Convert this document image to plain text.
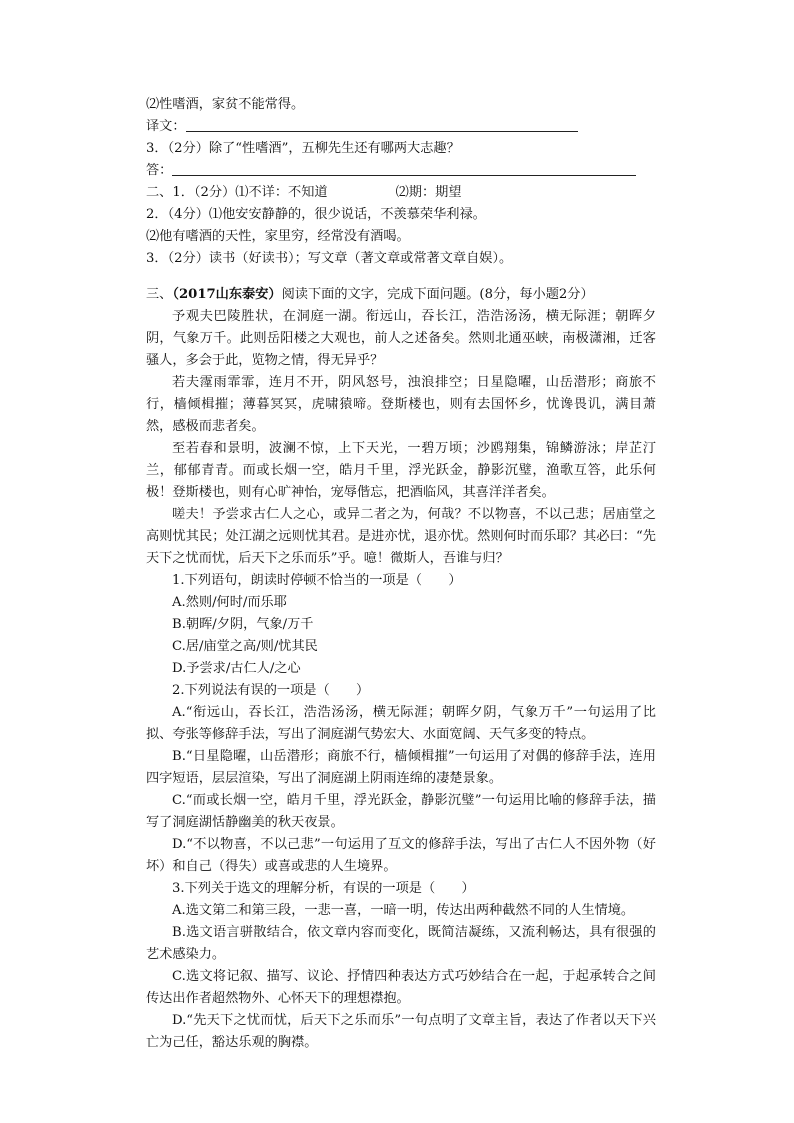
⑵性嗜酒，家贫不能常得。
译文：
3．（2分）除了“性嗜酒”，五柳先生还有哪两大志趣？
答：
二、1．（2分）⑴不详：不知道	⑵期：期望
2．（4分）⑴他安安静静的，很少说话，不羡慕荣华利禄。
⑵他有嗜酒的天性，家里穷，经常没有酒喝。
3．（2分）读书（好读书）；写文章（著文章或常著文章自娱）。
三、（2017山东泰安）阅读下面的文字，完成下面问题。(8分，每小题2分）
予观夫巴陵胜状，在洞庭一湖。衔远山，吞长江，浩浩汤汤，横无际涯；朝晖夕阴，气象万千。此则岳阳楼之大观也，前人之述备矣。然则北通巫峡，南极潇湘，迁客骚人，多会于此，览物之情，得无异乎？
若夫霪雨霏霏，连月不开，阴风怒号，浊浪排空；日星隐曜，山岳潜形；商旅不行，樯倾楫摧；薄暮冥冥，虎啸猿啼。登斯楼也，则有去国怀乡，忧谗畏讥，满目萧然，感极而悲者矣。
至若春和景明，波澜不惊，上下天光，一碧万顷；沙鸥翔集，锦鳞游泳；岸芷汀兰，郁郁青青。而或长烟一空，皓月千里，浮光跃金，静影沉璧，渔歌互答，此乐何极！登斯楼也，则有心旷神怡，宠辱偕忘，把酒临风，其喜洋洋者矣。
嗟夫！予尝求古仁人之心，或异二者之为，何哉？不以物喜，不以己悲；居庙堂之高则忧其民；处江湖之远则忧其君。是进亦忧，退亦忧。然则何时而乐耶？其必曰：“先天下之忧而忧，后天下之乐而乐”乎。噫！微斯人，吾谁与归？
1.下列语句，朗读时停顿不恰当的一项是（　　）
A.然则/何时/而乐耶
B.朝晖/夕阴，气象/万千
C.居/庙堂之高/则/忧其民
D.予尝求/古仁人/之心
2.下列说法有误的一项是（　　）
A.“衔远山，吞长江，浩浩汤汤，横无际涯；朝晖夕阴，气象万千”一句运用了比拟、夸张等修辞手法，写出了洞庭湖气势宏大、水面宽阔、天气多变的特点。
B.“日星隐曜，山岳潜形；商旅不行，樯倾楫摧”一句运用了对偶的修辞手法，连用四字短语，层层渲染，写出了洞庭湖上阴雨连绵的凄楚景象。
C.“而或长烟一空，皓月千里，浮光跃金，静影沉璧”一句运用比喻的修辞手法，描写了洞庭湖恬静幽美的秋天夜景。
D.“不以物喜，不以己悲”一句运用了互文的修辞手法，写出了古仁人不因外物（好坏）和自己（得失）或喜或悲的人生境界。
3.下列关于选文的理解分析，有误的一项是（　　）
A.选文第二和第三段，一悲一喜，一暗一明，传达出两种截然不同的人生情境。
B.选文语言骈散结合，依文章内容而变化，既简洁凝练，又流利畅达，具有很强的艺术感染力。
C.选文将记叙、描写、议论、抒情四种表达方式巧妙结合在一起，于起承转合之间传达出作者超然物外、心怀天下的理想襟抱。
D.“先天下之忧而忧，后天下之乐而乐”一句点明了文章主旨，表达了作者以天下兴亡为己任，豁达乐观的胸襟。
